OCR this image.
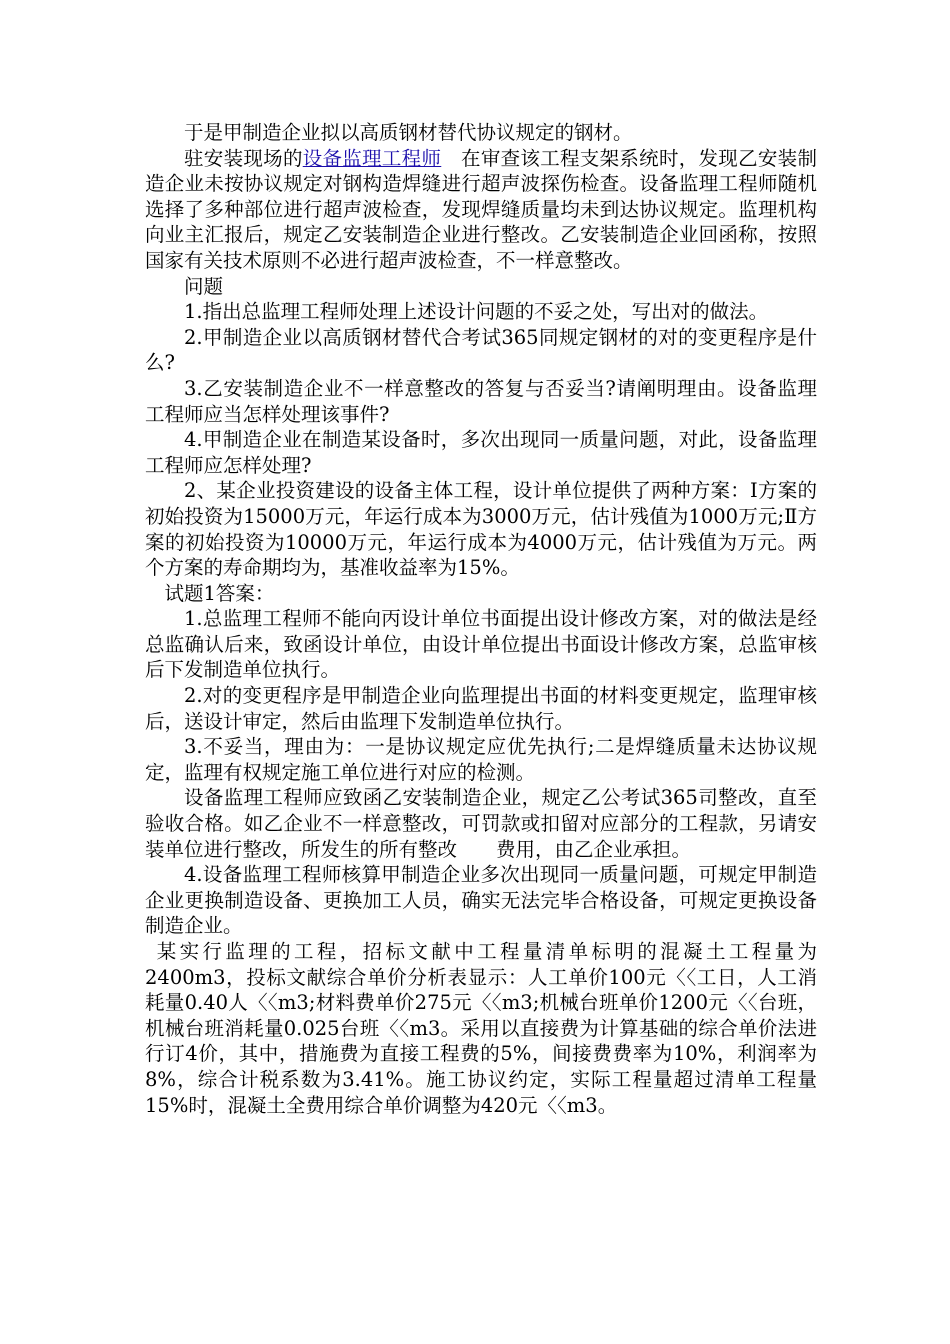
于是甲制造企业拟以高质钢材替代协议规定的钢材。

驻安装现场的设备监理工程师　在审查该工程支架系统时，发现乙安装制造企业未按协议规定对钢构造焊缝进行超声波探伤检查。设备监理工程师随机选择了多种部位进行超声波检查，发现焊缝质量均未到达协议规定。监理机构向业主汇报后，规定乙安装制造企业进行整改。乙安装制造企业回函称，按照国家有关技术原则不必进行超声波检查，不一样意整改。

问题

1.指出总监理工程师处理上述设计问题的不妥之处，写出对的做法。

2.甲制造企业以高质钢材替代合考试365同规定钢材的对的变更程序是什么?

3.乙安装制造企业不一样意整改的答复与否妥当?请阐明理由。设备监理工程师应当怎样处理该事件?

4.甲制造企业在制造某设备时，多次出现同一质量问题，对此，设备监理工程师应怎样处理?

2、某企业投资建设的设备主体工程，设计单位提供了两种方案：I方案的初始投资为15000万元，年运行成本为3000万元，估计残值为1000万元;Ⅱ方案的初始投资为10000万元，年运行成本为4000万元，估计残值为万元。两个方案的寿命期均为，基准收益率为15%。

试题1答案：

1.总监理工程师不能向丙设计单位书面提出设计修改方案，对的做法是经总监确认后来，致函设计单位，由设计单位提出书面设计修改方案，总监审核后下发制造单位执行。

2.对的变更程序是甲制造企业向监理提出书面的材料变更规定，监理审核后，送设计审定，然后由监理下发制造单位执行。

3.不妥当，理由为：一是协议规定应优先执行;二是焊缝质量未达协议规定，监理有权规定施工单位进行对应的检测。

设备监理工程师应致函乙安装制造企业，规定乙公考试365司整改，直至验收合格。如乙企业不一样意整改，可罚款或扣留对应部分的工程款，另请安装单位进行整改，所发生的所有整改　　费用，由乙企业承担。

4.设备监理工程师核算甲制造企业多次出现同一质量问题，可规定甲制造企业更换制造设备、更换加工人员，确实无法完毕合格设备，可规定更换设备制造企业。

某实行监理的工程，招标文献中工程量清单标明的混凝土工程量为2400m3，投标文献综合单价分析表显示：人工单价100元〈〈工日，人工消耗量0.40人〈〈m3;材料费单价275元〈〈m3;机械台班单价1200元〈〈台班，机械台班消耗量0.025台班〈〈m3。采用以直接费为计算基础的综合单价法进行订4价，其中，措施费为直接工程费的5%，间接费费率为10%，利润率为8%，综合计税系数为3.41%。施工协议约定，实际工程量超过清单工程量15%时，混凝土全费用综合单价调整为420元〈〈m3。
